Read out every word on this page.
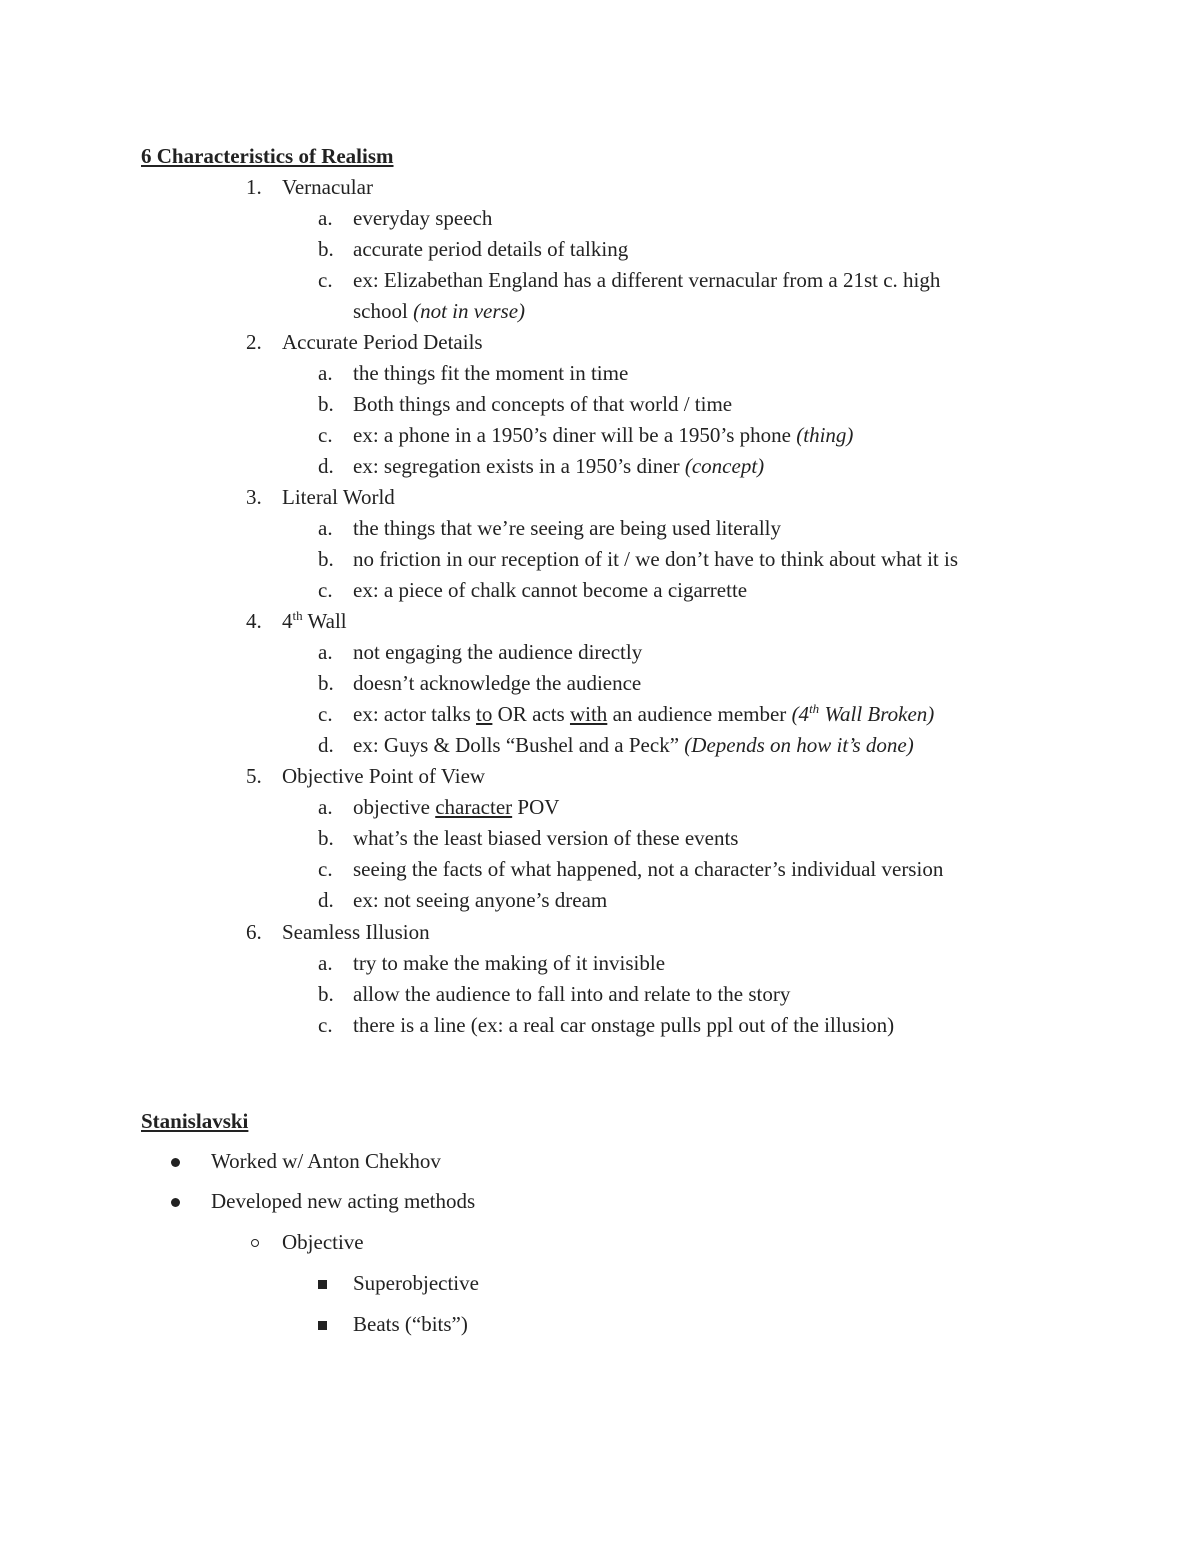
6 Characteristics of Realism
1. Vernacular
a. everyday speech
b. accurate period details of talking
c. ex: Elizabethan England has a different vernacular from a 21st c. high
school (not in verse)
2. Accurate Period Details
a. the things fit the moment in time
b. Both things and concepts of that world / time
c. ex: a phone in a 1950’s diner will be a 1950’s phone (thing)
d. ex: segregation exists in a 1950’s diner (concept)
3. Literal World
a. the things that we’re seeing are being used literally
b. no friction in our reception of it / we don’t have to think about what it is
c. ex: a piece of chalk cannot become a cigarrette
4. 4th Wall
a. not engaging the audience directly
b. doesn’t acknowledge the audience
c. ex: actor talks to OR acts with an audience member (4th Wall Broken)
d. ex: Guys & Dolls “Bushel and a Peck” (Depends on how it’s done)
5. Objective Point of View
a. objective character POV
b. what’s the least biased version of these events
c. seeing the facts of what happened, not a character’s individual version
d. ex: not seeing anyone’s dream
6. Seamless Illusion
a. try to make the making of it invisible
b. allow the audience to fall into and relate to the story
c. there is a line (ex: a real car onstage pulls ppl out of the illusion)
Stanislavski
Worked w/ Anton Chekhov
Developed new acting methods
Objective
Superobjective
Beats (“bits”)
